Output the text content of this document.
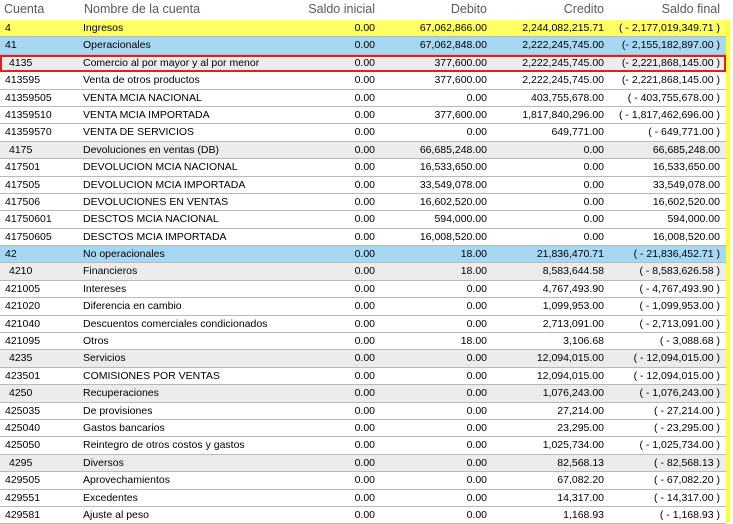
Cuenta	Nombre de la cuenta	Saldo inicial	Debito	Credito	Saldo final
4	Ingresos	0.00	67,062,866.00	2,244,082,215.71	( - 2,177,019,349.71 )
41	Operacionales	0.00	67,062,848.00	2,222,245,745.00	(- 2,155,182,897.00 )
4135	Comercio al por mayor y al por menor	0.00	377,600.00	2,222,245,745.00	(- 2,221,868,145.00 )
413595	Venta de otros productos	0.00	377,600.00	2,222,245,745.00	(- 2,221,868,145.00 )
41359505	VENTA MCIA NACIONAL	0.00	0.00	403,755,678.00	( - 403,755,678.00 )
41359510	VENTA MCIA IMPORTADA	0.00	377,600.00	1,817,840,296.00	( - 1,817,462,696.00 )
41359570	VENTA DE SERVICIOS	0.00	0.00	649,771.00	( - 649,771.00 )
4175	Devoluciones en ventas (DB)	0.00	66,685,248.00	0.00	66,685,248.00
417501	DEVOLUCION MCIA NACIONAL	0.00	16,533,650.00	0.00	16,533,650.00
417505	DEVOLUCION MCIA IMPORTADA	0.00	33,549,078.00	0.00	33,549,078.00
417506	DEVOLUCIONES EN VENTAS	0.00	16,602,520.00	0.00	16,602,520.00
41750601	DESCTOS MCIA NACIONAL	0.00	594,000.00	0.00	594,000.00
41750605	DESCTOS MCIA IMPORTADA	0.00	16,008,520.00	0.00	16,008,520.00
42	No operacionales	0.00	18.00	21,836,470.71	( - 21,836,452.71 )
4210	Financieros	0.00	18.00	8,583,644.58	( - 8,583,626.58 )
421005	Intereses	0.00	0.00	4,767,493.90	( - 4,767,493.90 )
421020	Diferencia en cambio	0.00	0.00	1,099,953.00	( - 1,099,953.00 )
421040	Descuentos comerciales condicionados	0.00	0.00	2,713,091.00	( - 2,713,091.00 )
421095	Otros	0.00	18.00	3,106.68	( - 3,088.68 )
4235	Servicios	0.00	0.00	12,094,015.00	( - 12,094,015.00 )
423501	COMISIONES POR VENTAS	0.00	0.00	12,094,015.00	( - 12,094,015.00 )
4250	Recuperaciones	0.00	0.00	1,076,243.00	( - 1,076,243.00 )
425035	De provisiones	0.00	0.00	27,214.00	( - 27,214.00 )
425040	Gastos bancarios	0.00	0.00	23,295.00	( - 23,295.00 )
425050	Reintegro de otros costos y gastos	0.00	0.00	1,025,734.00	( - 1,025,734.00 )
4295	Diversos	0.00	0.00	82,568.13	( - 82,568.13 )
429505	Aprovechamientos	0.00	0.00	67,082.20	( - 67,082.20 )
429551	Excedentes	0.00	0.00	14,317.00	( - 14,317.00 )
429581	Ajuste al peso	0.00	0.00	1,168.93	( - 1,168.93 )
